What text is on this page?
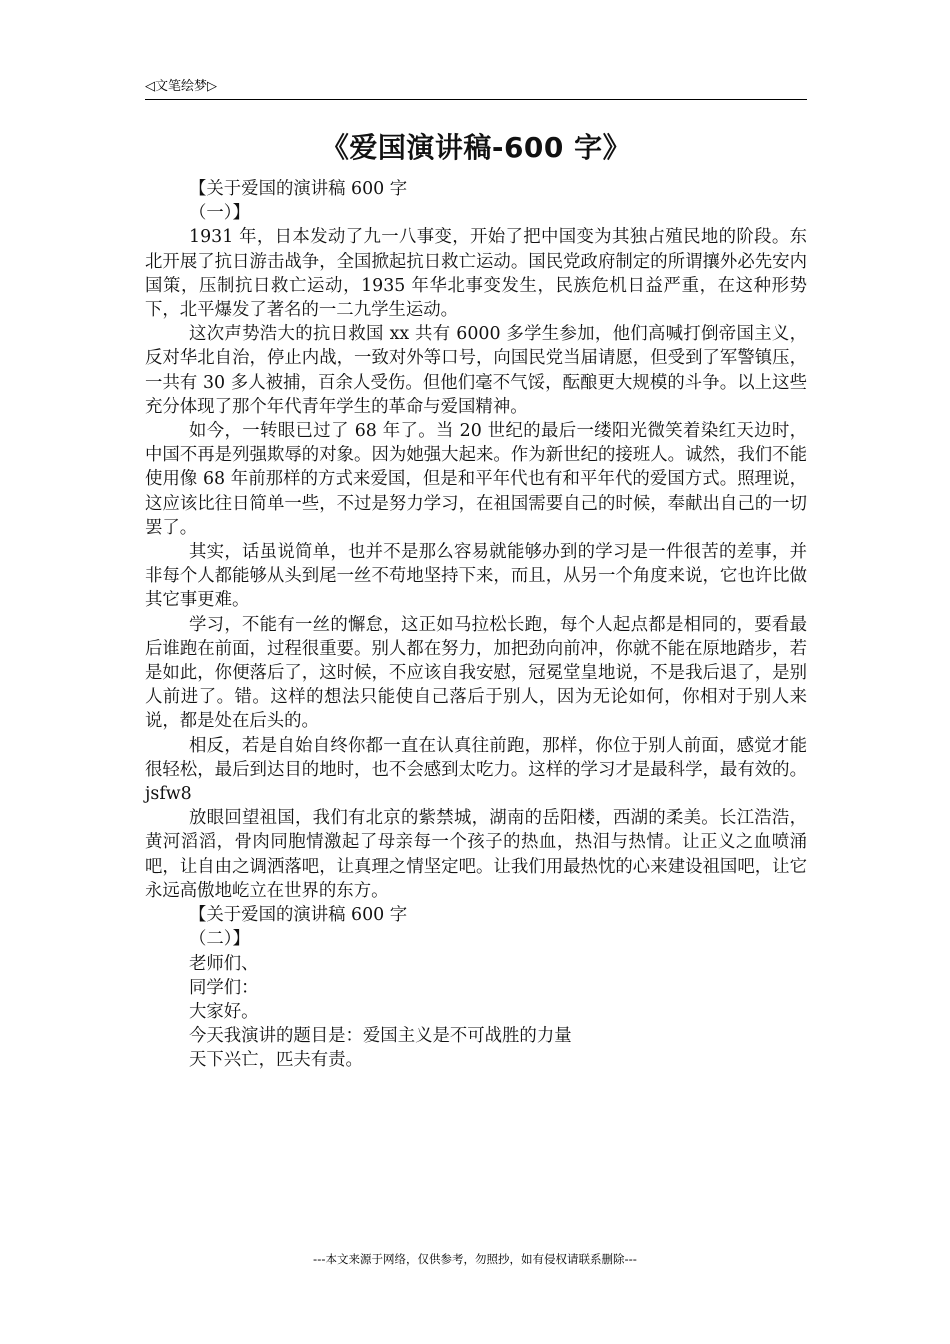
◁文笔绘梦▷
《爱国演讲稿-600 字》

【关于爱国的演讲稿 600 字

（一）】

1931 年，日本发动了九一八事变，开始了把中国变为其独占殖民地的阶段。东北开展了抗日游击战争，全国掀起抗日救亡运动。国民党政府制定的所谓攘外必先安内国策，压制抗日救亡运动，1935 年华北事变发生，民族危机日益严重，在这种形势下，北平爆发了著名的一二九学生运动。

这次声势浩大的抗日救国 xx 共有 6000 多学生参加，他们高喊打倒帝国主义，反对华北自治，停止内战，一致对外等口号，向国民党当届请愿，但受到了军警镇压，一共有 30 多人被捕，百余人受伤。但他们毫不气馁，酝酿更大规模的斗争。以上这些充分体现了那个年代青年学生的革命与爱国精神。

如今，一转眼已过了 68 年了。当 20 世纪的最后一缕阳光微笑着染红天边时，中国不再是列强欺辱的对象。因为她强大起来。作为新世纪的接班人。诚然，我们不能使用像 68 年前那样的方式来爱国，但是和平年代也有和平年代的爱国方式。照理说，这应该比往日简单一些，不过是努力学习，在祖国需要自己的时候，奉献出自己的一切罢了。

其实，话虽说简单，也并不是那么容易就能够办到的学习是一件很苦的差事，并非每个人都能够从头到尾一丝不苟地坚持下来，而且，从另一个角度来说，它也许比做其它事更难。

学习，不能有一丝的懈怠，这正如马拉松长跑，每个人起点都是相同的，要看最后谁跑在前面，过程很重要。别人都在努力，加把劲向前冲，你就不能在原地踏步，若是如此，你便落后了，这时候，不应该自我安慰，冠冕堂皇地说，不是我后退了，是别人前进了。错。这样的想法只能使自己落后于别人，因为无论如何，你相对于别人来说，都是处在后头的。

相反，若是自始自终你都一直在认真往前跑，那样，你位于别人前面，感觉才能很轻松，最后到达目的地时，也不会感到太吃力。这样的学习才是最科学，最有效的。jsfw8

放眼回望祖国，我们有北京的紫禁城，湖南的岳阳楼，西湖的柔美。长江浩浩，黄河滔滔，骨肉同胞情激起了母亲每一个孩子的热血，热泪与热情。让正义之血喷涌吧，让自由之调洒落吧，让真理之情坚定吧。让我们用最热忱的心来建设祖国吧，让它永远高傲地屹立在世界的东方。

【关于爱国的演讲稿 600 字

（二）】

老师们、

同学们：

大家好。

今天我演讲的题目是：爱国主义是不可战胜的力量

天下兴亡，匹夫有责。

---本文来源于网络，仅供参考，勿照抄，如有侵权请联系删除---
